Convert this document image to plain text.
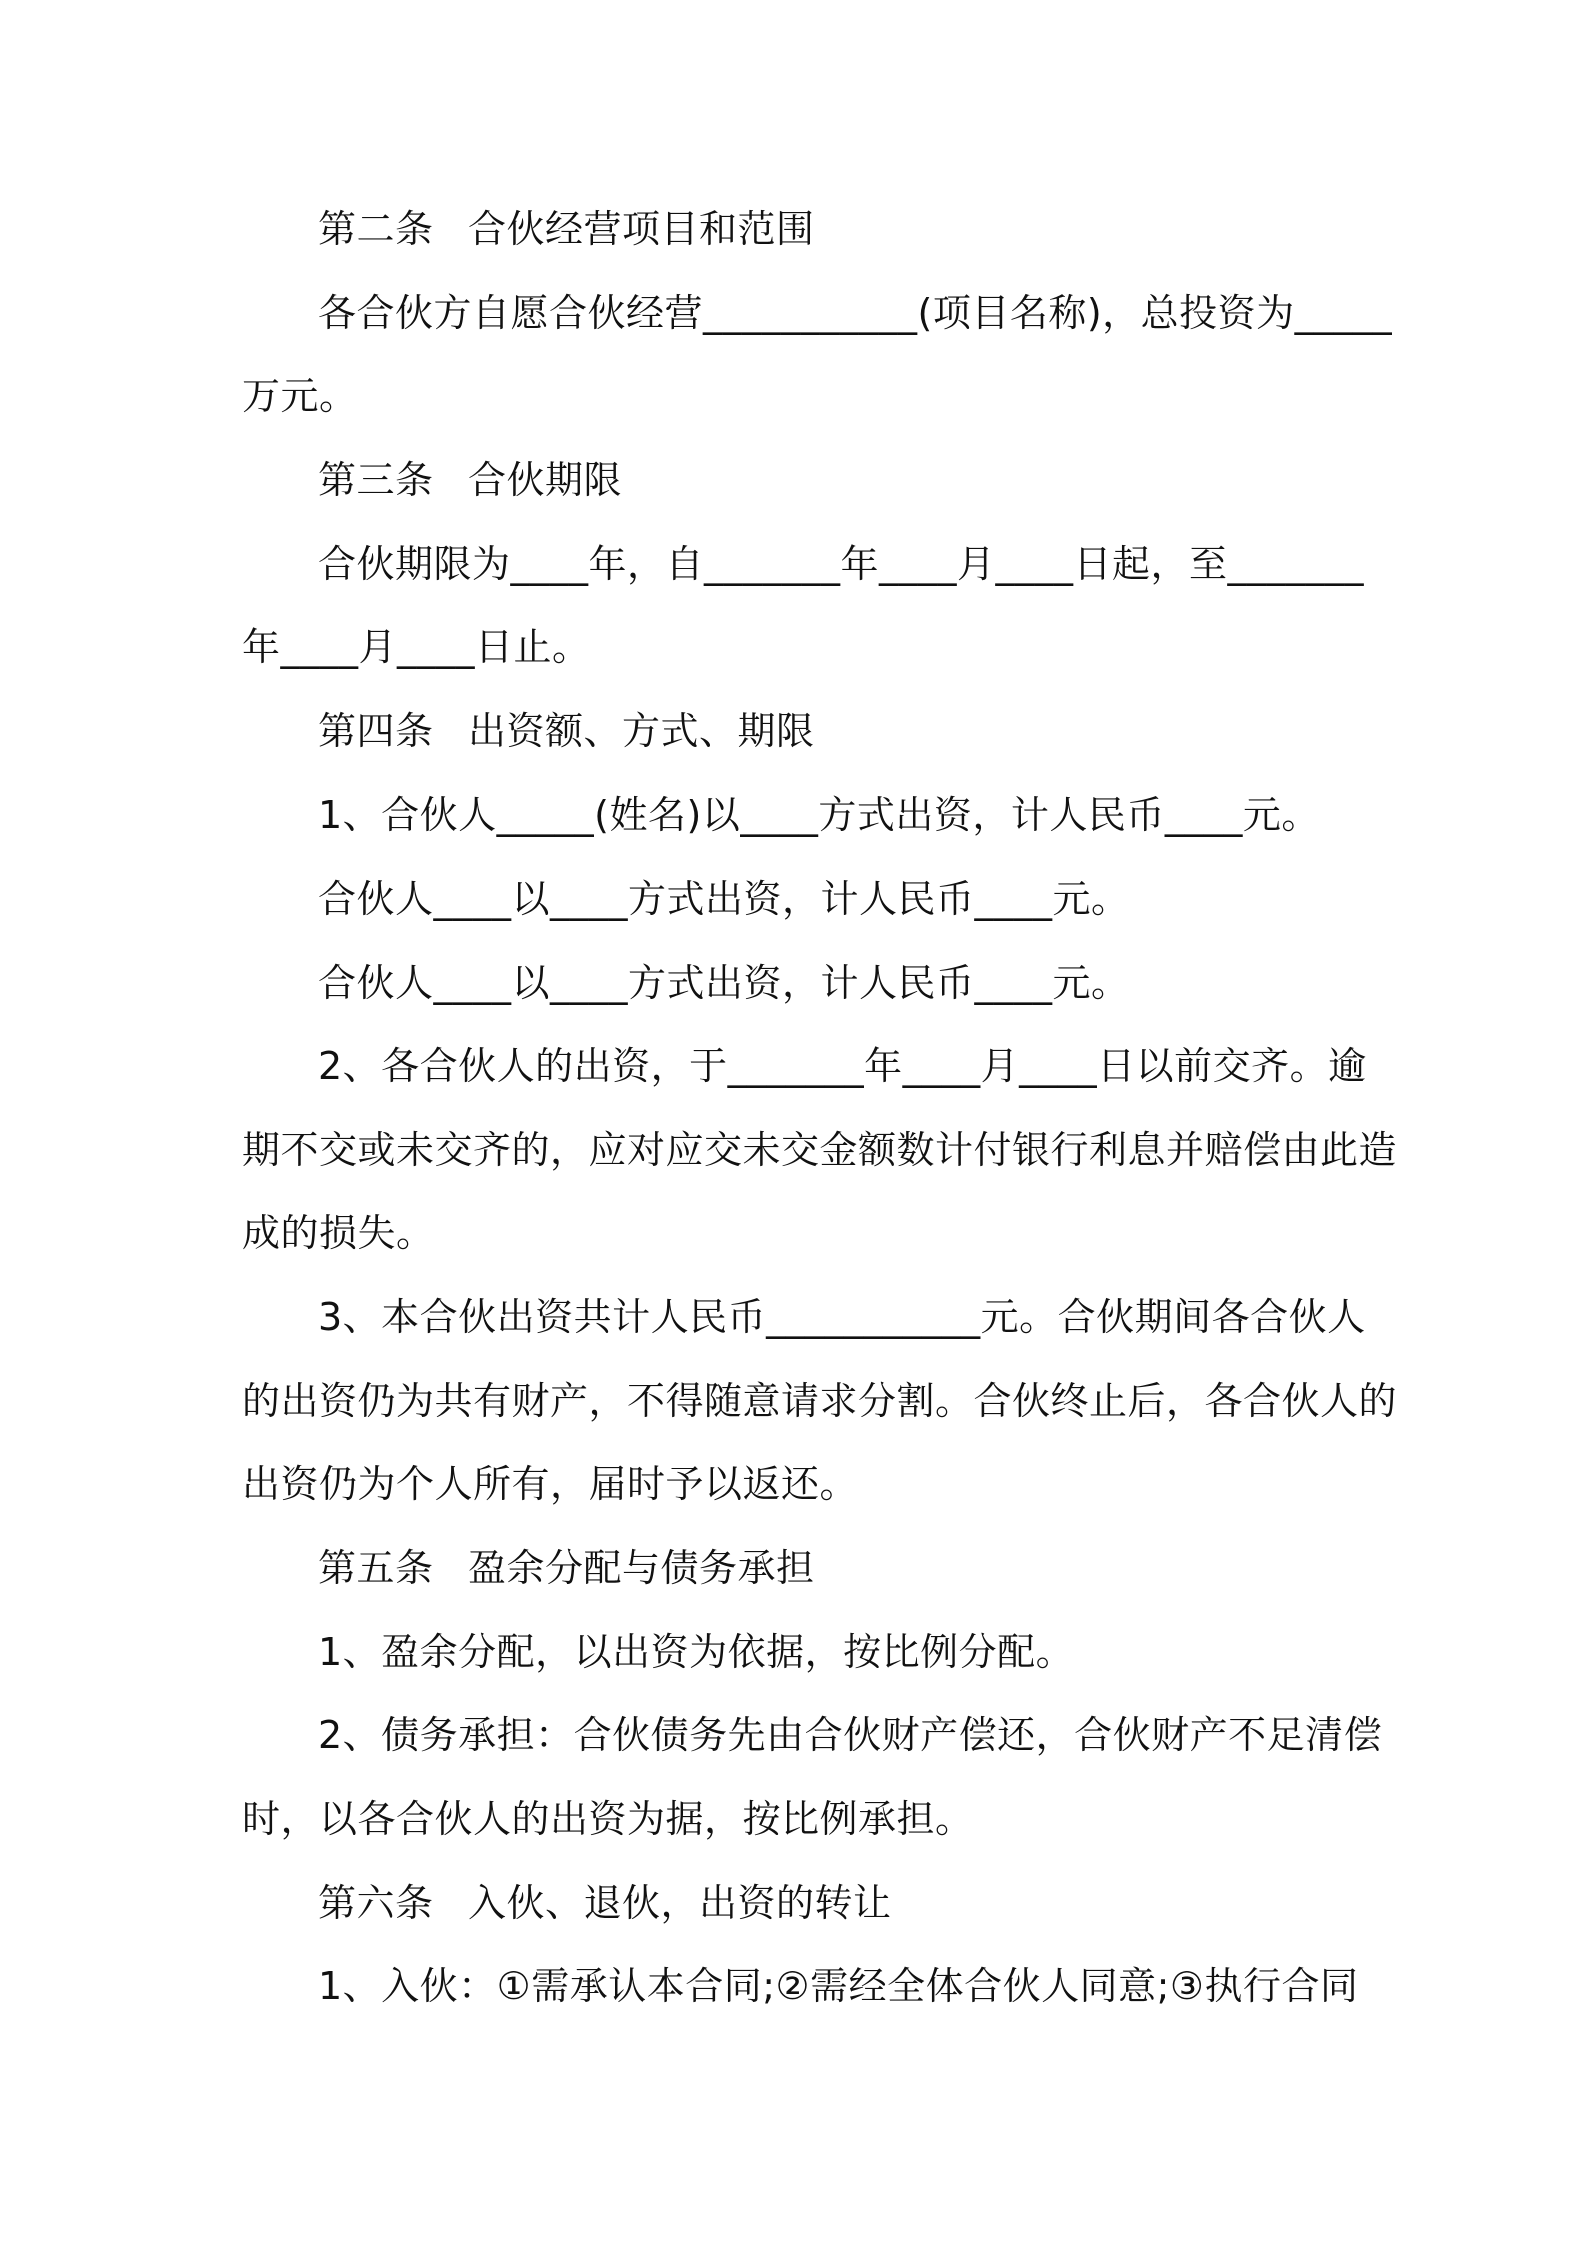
第二条 合伙经营项目和范围
各合伙方自愿合伙经营___________(项目名称)，总投资为_____
万元。
第三条 合伙期限
合伙期限为____年，自_______年____月____日起，至_______
年____月____日止。
第四条 出资额、方式、期限
1、合伙人_____(姓名)以____方式出资，计人民币____元。
合伙人____以____方式出资，计人民币____元。
合伙人____以____方式出资，计人民币____元。
2、各合伙人的出资，于_______年____月____日以前交齐。逾
期不交或未交齐的，应对应交未交金额数计付银行利息并赔偿由此造
成的损失。
3、本合伙出资共计人民币___________元。合伙期间各合伙人
的出资仍为共有财产，不得随意请求分割。合伙终止后，各合伙人的
出资仍为个人所有，届时予以返还。
第五条 盈余分配与债务承担
1、盈余分配，以出资为依据，按比例分配。
2、债务承担：合伙债务先由合伙财产偿还，合伙财产不足清偿
时，以各合伙人的出资为据，按比例承担。
第六条 入伙、退伙，出资的转让
1、入伙：①需承认本合同;②需经全体合伙人同意;③执行合同
